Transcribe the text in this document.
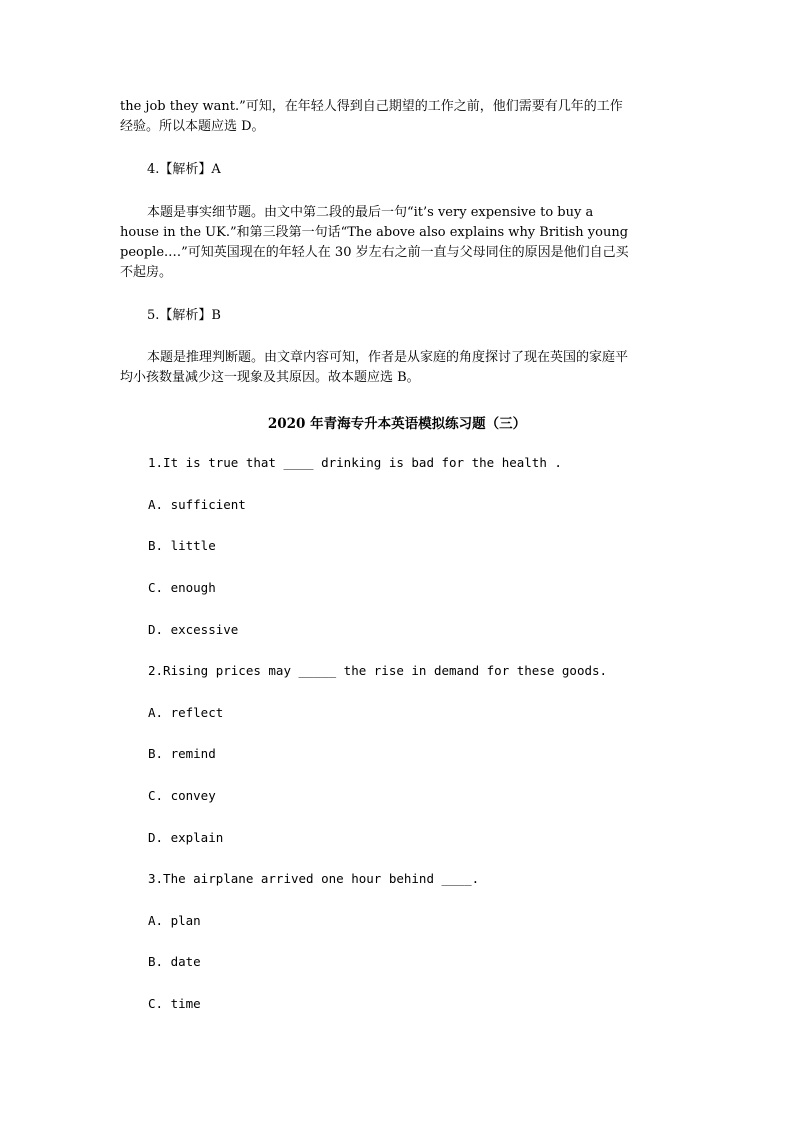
the job they want.”可知，在年轻人得到自己期望的工作之前，他们需要有几年的工作
经验。所以本题应选 D。
4.【解析】A
本题是事实细节题。由文中第二段的最后一句“it’s very expensive to buy a
house in the UK.”和第三段第一句话“The above also explains why British young
people.…”可知英国现在的年轻人在 30 岁左右之前一直与父母同住的原因是他们自己买
不起房。
5.【解析】B
本题是推理判断题。由文章内容可知，作者是从家庭的角度探讨了现在英国的家庭平
均小孩数量减少这一现象及其原因。故本题应选 B。
2020 年青海专升本英语模拟练习题（三）
1.It is true that ____ drinking is bad for the health .
A. sufficient
B. little
C. enough
D. excessive
2.Rising prices may _____ the rise in demand for these goods.
A. reflect
B. remind
C. convey
D. explain
3.The airplane arrived one hour behind ____.
A. plan
B. date
C. time
